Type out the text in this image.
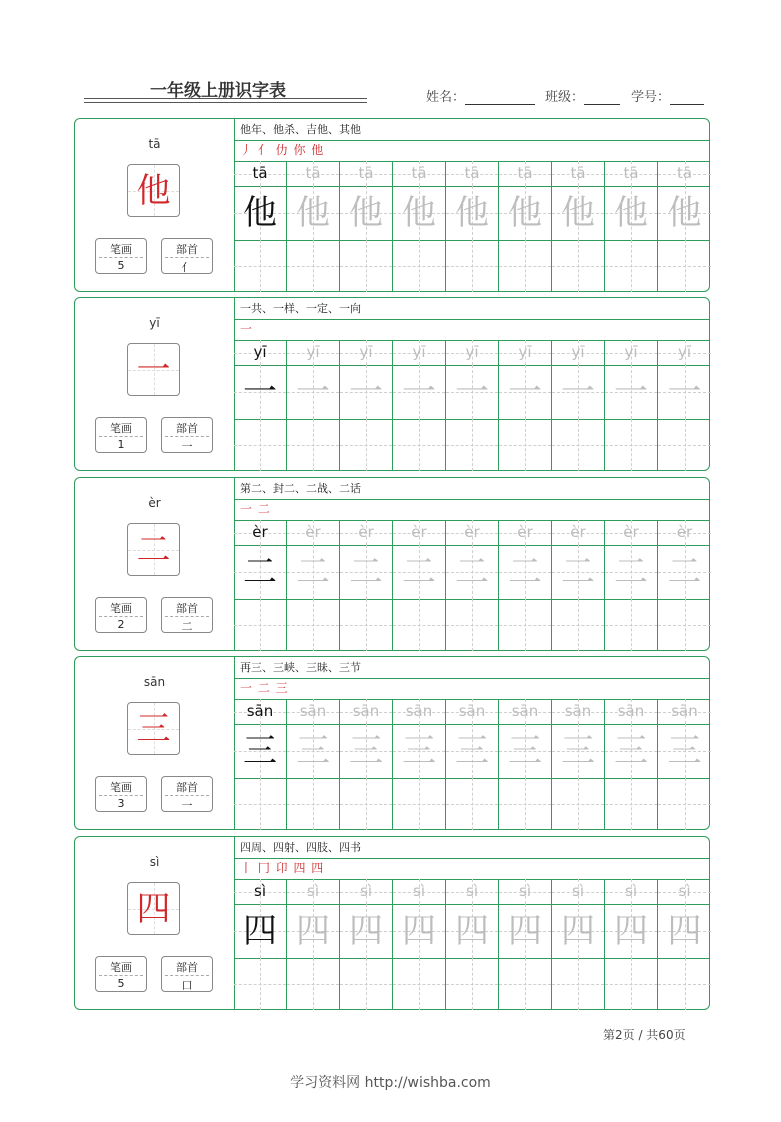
一年级上册识字表	姓名：	班级：	学号：
tā
他
笔画
5
部首
亻
他年、他杀、吉他、其他
丿 亻 仂 你 他
tā	tā	tā	tā	tā	tā	tā	tā	tā
他 他 他 他 他 他 他 他 他
yī
一
笔画
1
部首
一
一共、一样、一定、一向
一
yī	yī	yī	yī	yī	yī	yī	yī	yī
一 一 一 一 一 一 一 一 一
èr
二
笔画
2
部首
二
第二、封二、二战、二话
一 二
èr	èr	èr	èr	èr	èr	èr	èr	èr
二 二 二 二 二 二 二 二 二
sān
三
笔画
3
部首
一
再三、三峡、三昧、三节
一 二 三
sān	sān	sān	sān	sān	sān	sān	sān	sān
三 三 三 三 三 三 三 三 三
sì
四
笔画
5
部首
口
四周、四射、四肢、四书
丨 冂 卬 四 四
sì	sì	sì	sì	sì	sì	sì	sì	sì
四 四 四 四 四 四 四 四 四
第2页 / 共60页
学习资料网 http://wishba.com
